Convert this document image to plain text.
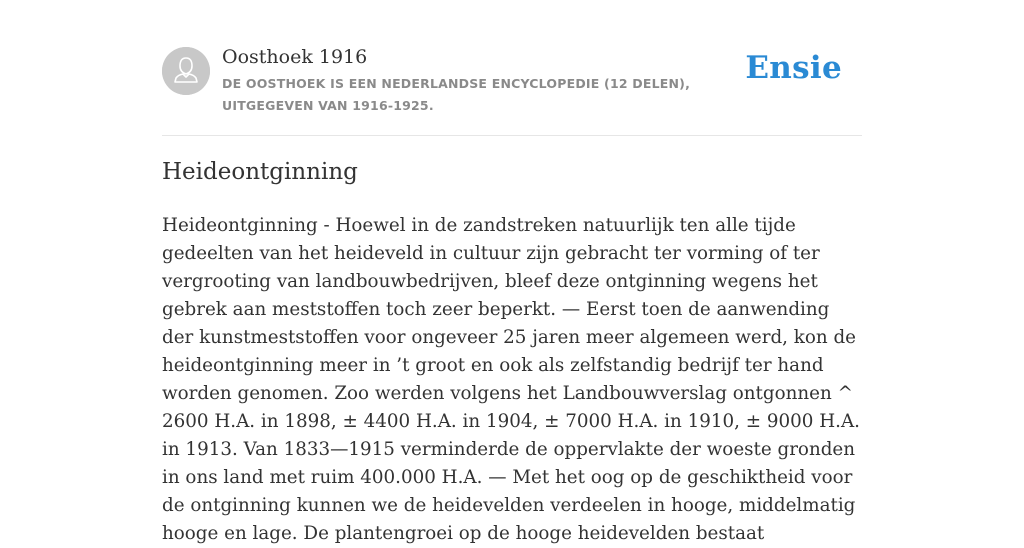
Oosthoek 1916
DE OOSTHOEK IS EEN NEDERLANDSE ENCYCLOPEDIE (12 DELEN), UITGEGEVEN VAN 1916-1925.
Ensie
Heideontginning

Heideontginning - Hoewel in de zandstreken natuurlijk ten alle tijde gedeelten van het heideveld in cultuur zijn gebracht ter vorming of ter vergrooting van landbouwbedrijven, bleef deze ontginning wegens het gebrek aan meststoffen toch zeer beperkt. — Eerst toen de aanwending der kunstmeststoffen voor ongeveer 25 jaren meer algemeen werd, kon de heideontginning meer in ’t groot en ook als zelfstandig bedrijf ter hand worden genomen. Zoo werden volgens het Landbouwverslag ontgonnen ^ 2600 H.A. in 1898, ± 4400 H.A. in 1904, ± 7000 H.A. in 1910, ± 9000 H.A. in 1913. Van 1833—1915 verminderde de oppervlakte der woeste gronden in ons land met ruim 400.000 H.A. — Met het oog op de geschiktheid voor de ontginning kunnen we de heidevelden verdeelen in hooge, middelmatig hooge en lage. De plantengroei op de hooge heidevelden bestaat
